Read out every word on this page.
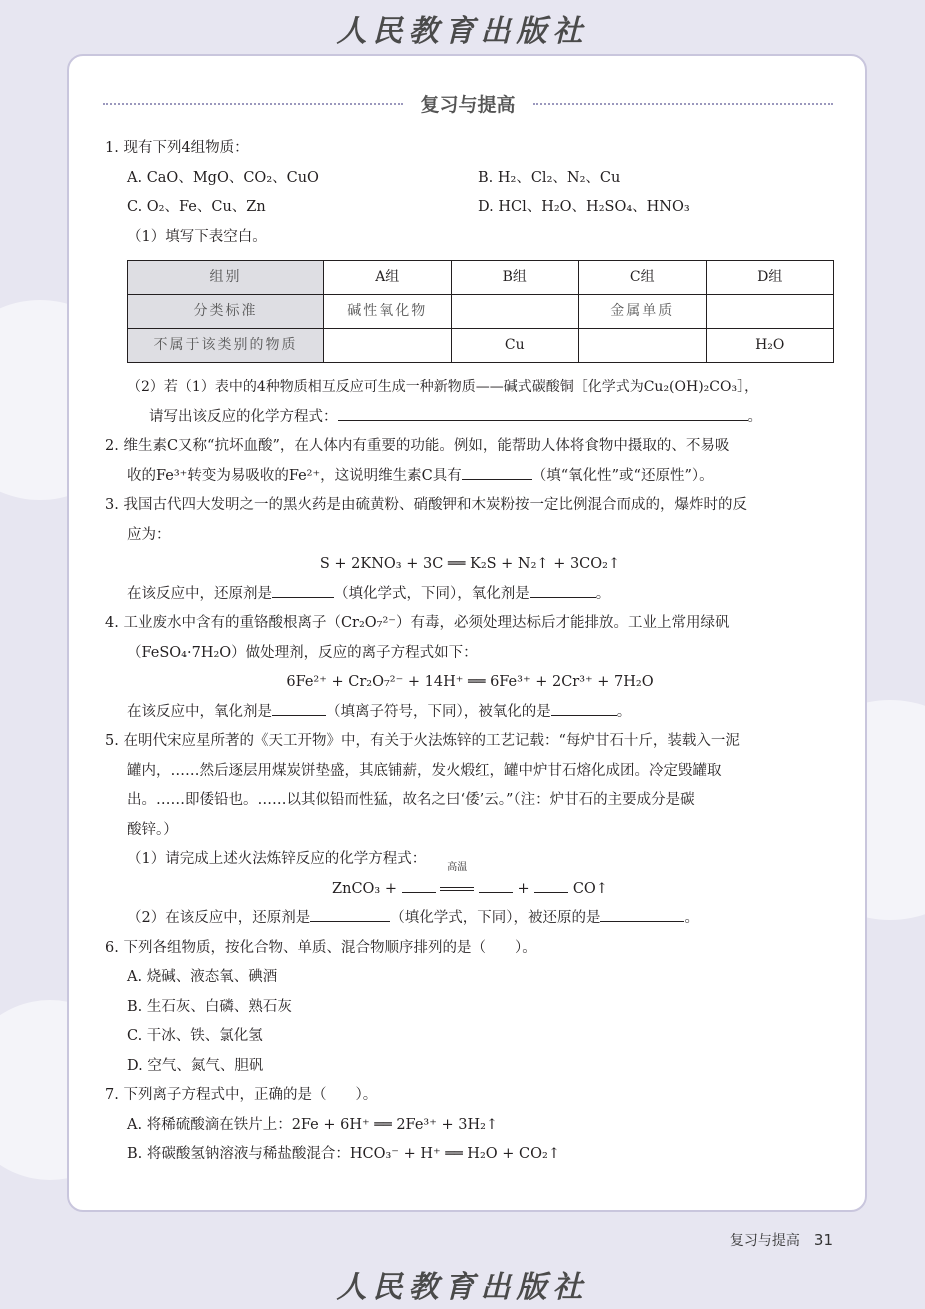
人民教育出版社
复习与提高
1. 现有下列4组物质：
A. CaO、MgO、CO₂、CuO	B. H₂、Cl₂、N₂、Cu
C. O₂、Fe、Cu、Zn	D. HCl、H₂O、H₂SO₄、HNO₃
（1）填写下表空白。
组别	A组	B组	C组	D组
分类标准	碱性氧化物		金属单质	
不属于该类别的物质		Cu		H₂O
（2）若（1）表中的4种物质相互反应可生成一种新物质——碱式碳酸铜［化学式为Cu₂(OH)₂CO₃］，
请写出该反应的化学方程式：	。
2. 维生素C又称“抗坏血酸”，在人体内有重要的功能。例如，能帮助人体将食物中摄取的、不易吸
收的Fe³⁺转变为易吸收的Fe²⁺，这说明维生素C具有	（填“氧化性”或“还原性”）。
3. 我国古代四大发明之一的黑火药是由硫黄粉、硝酸钾和木炭粉按一定比例混合而成的，爆炸时的反
应为：
S + 2KNO₃ + 3C ══ K₂S + N₂↑ + 3CO₂↑
在该反应中，还原剂是	（填化学式，下同），氧化剂是	。
4. 工业废水中含有的重铬酸根离子（Cr₂O₇²⁻）有毒，必须处理达标后才能排放。工业上常用绿矾
（FeSO₄·7H₂O）做处理剂，反应的离子方程式如下：
6Fe²⁺ + Cr₂O₇²⁻ + 14H⁺ ══ 6Fe³⁺ + 2Cr³⁺ + 7H₂O
在该反应中，氧化剂是	（填离子符号，下同），被氧化的是	。
5. 在明代宋应星所著的《天工开物》中，有关于火法炼锌的工艺记载：“每炉甘石十斤，装载入一泥
罐内，……然后逐层用煤炭饼垫盛，其底铺薪，发火煅红，罐中炉甘石熔化成团。冷定毁罐取
出。……即倭铅也。……以其似铅而性猛，故名之曰‘倭’云。”（注：炉甘石的主要成分是碳
酸锌。）
（1）请完成上述火法炼锌反应的化学方程式：
ZnCO₃ +
高温
+	CO↑
（2）在该反应中，还原剂是	（填化学式，下同），被还原的是	。
6. 下列各组物质，按化合物、单质、混合物顺序排列的是（　　）。
A. 烧碱、液态氧、碘酒
B. 生石灰、白磷、熟石灰
C. 干冰、铁、氯化氢
D. 空气、氮气、胆矾
7. 下列离子方程式中，正确的是（　　）。
A. 将稀硫酸滴在铁片上：2Fe + 6H⁺ ══ 2Fe³⁺ + 3H₂↑
B. 将碳酸氢钠溶液与稀盐酸混合：HCO₃⁻ + H⁺ ══ H₂O + CO₂↑
复习与提高 31
人民教育出版社
